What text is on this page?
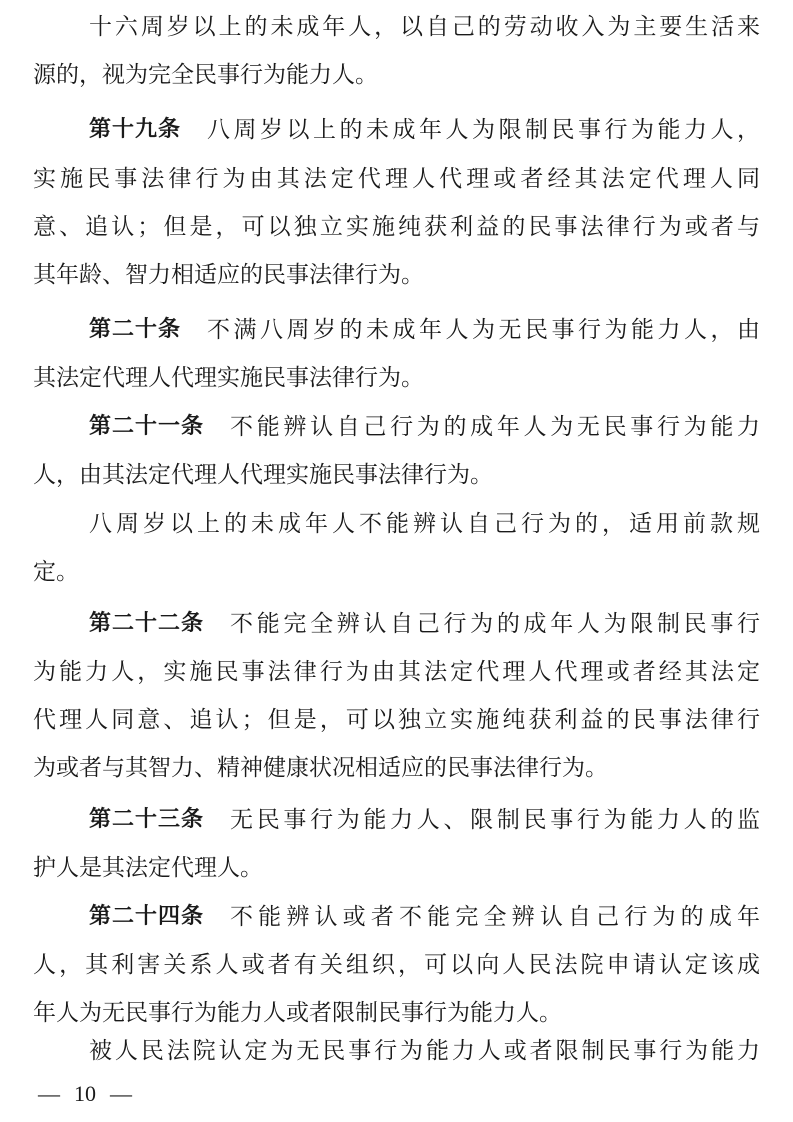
十六周岁以上的未成年人，以自己的劳动收入为主要生活来
源的，视为完全民事行为能力人。
第十九条 八周岁以上的未成年人为限制民事行为能力人，
实施民事法律行为由其法定代理人代理或者经其法定代理人同
意、追认；但是，可以独立实施纯获利益的民事法律行为或者与
其年龄、智力相适应的民事法律行为。
第二十条 不满八周岁的未成年人为无民事行为能力人，由
其法定代理人代理实施民事法律行为。
第二十一条 不能辨认自己行为的成年人为无民事行为能力
人，由其法定代理人代理实施民事法律行为。
八周岁以上的未成年人不能辨认自己行为的，适用前款规
定。
第二十二条 不能完全辨认自己行为的成年人为限制民事行
为能力人，实施民事法律行为由其法定代理人代理或者经其法定
代理人同意、追认；但是，可以独立实施纯获利益的民事法律行
为或者与其智力、精神健康状况相适应的民事法律行为。
第二十三条 无民事行为能力人、限制民事行为能力人的监
护人是其法定代理人。
第二十四条 不能辨认或者不能完全辨认自己行为的成年
人，其利害关系人或者有关组织，可以向人民法院申请认定该成
年人为无民事行为能力人或者限制民事行为能力人。
被人民法院认定为无民事行为能力人或者限制民事行为能力
— 10 —
